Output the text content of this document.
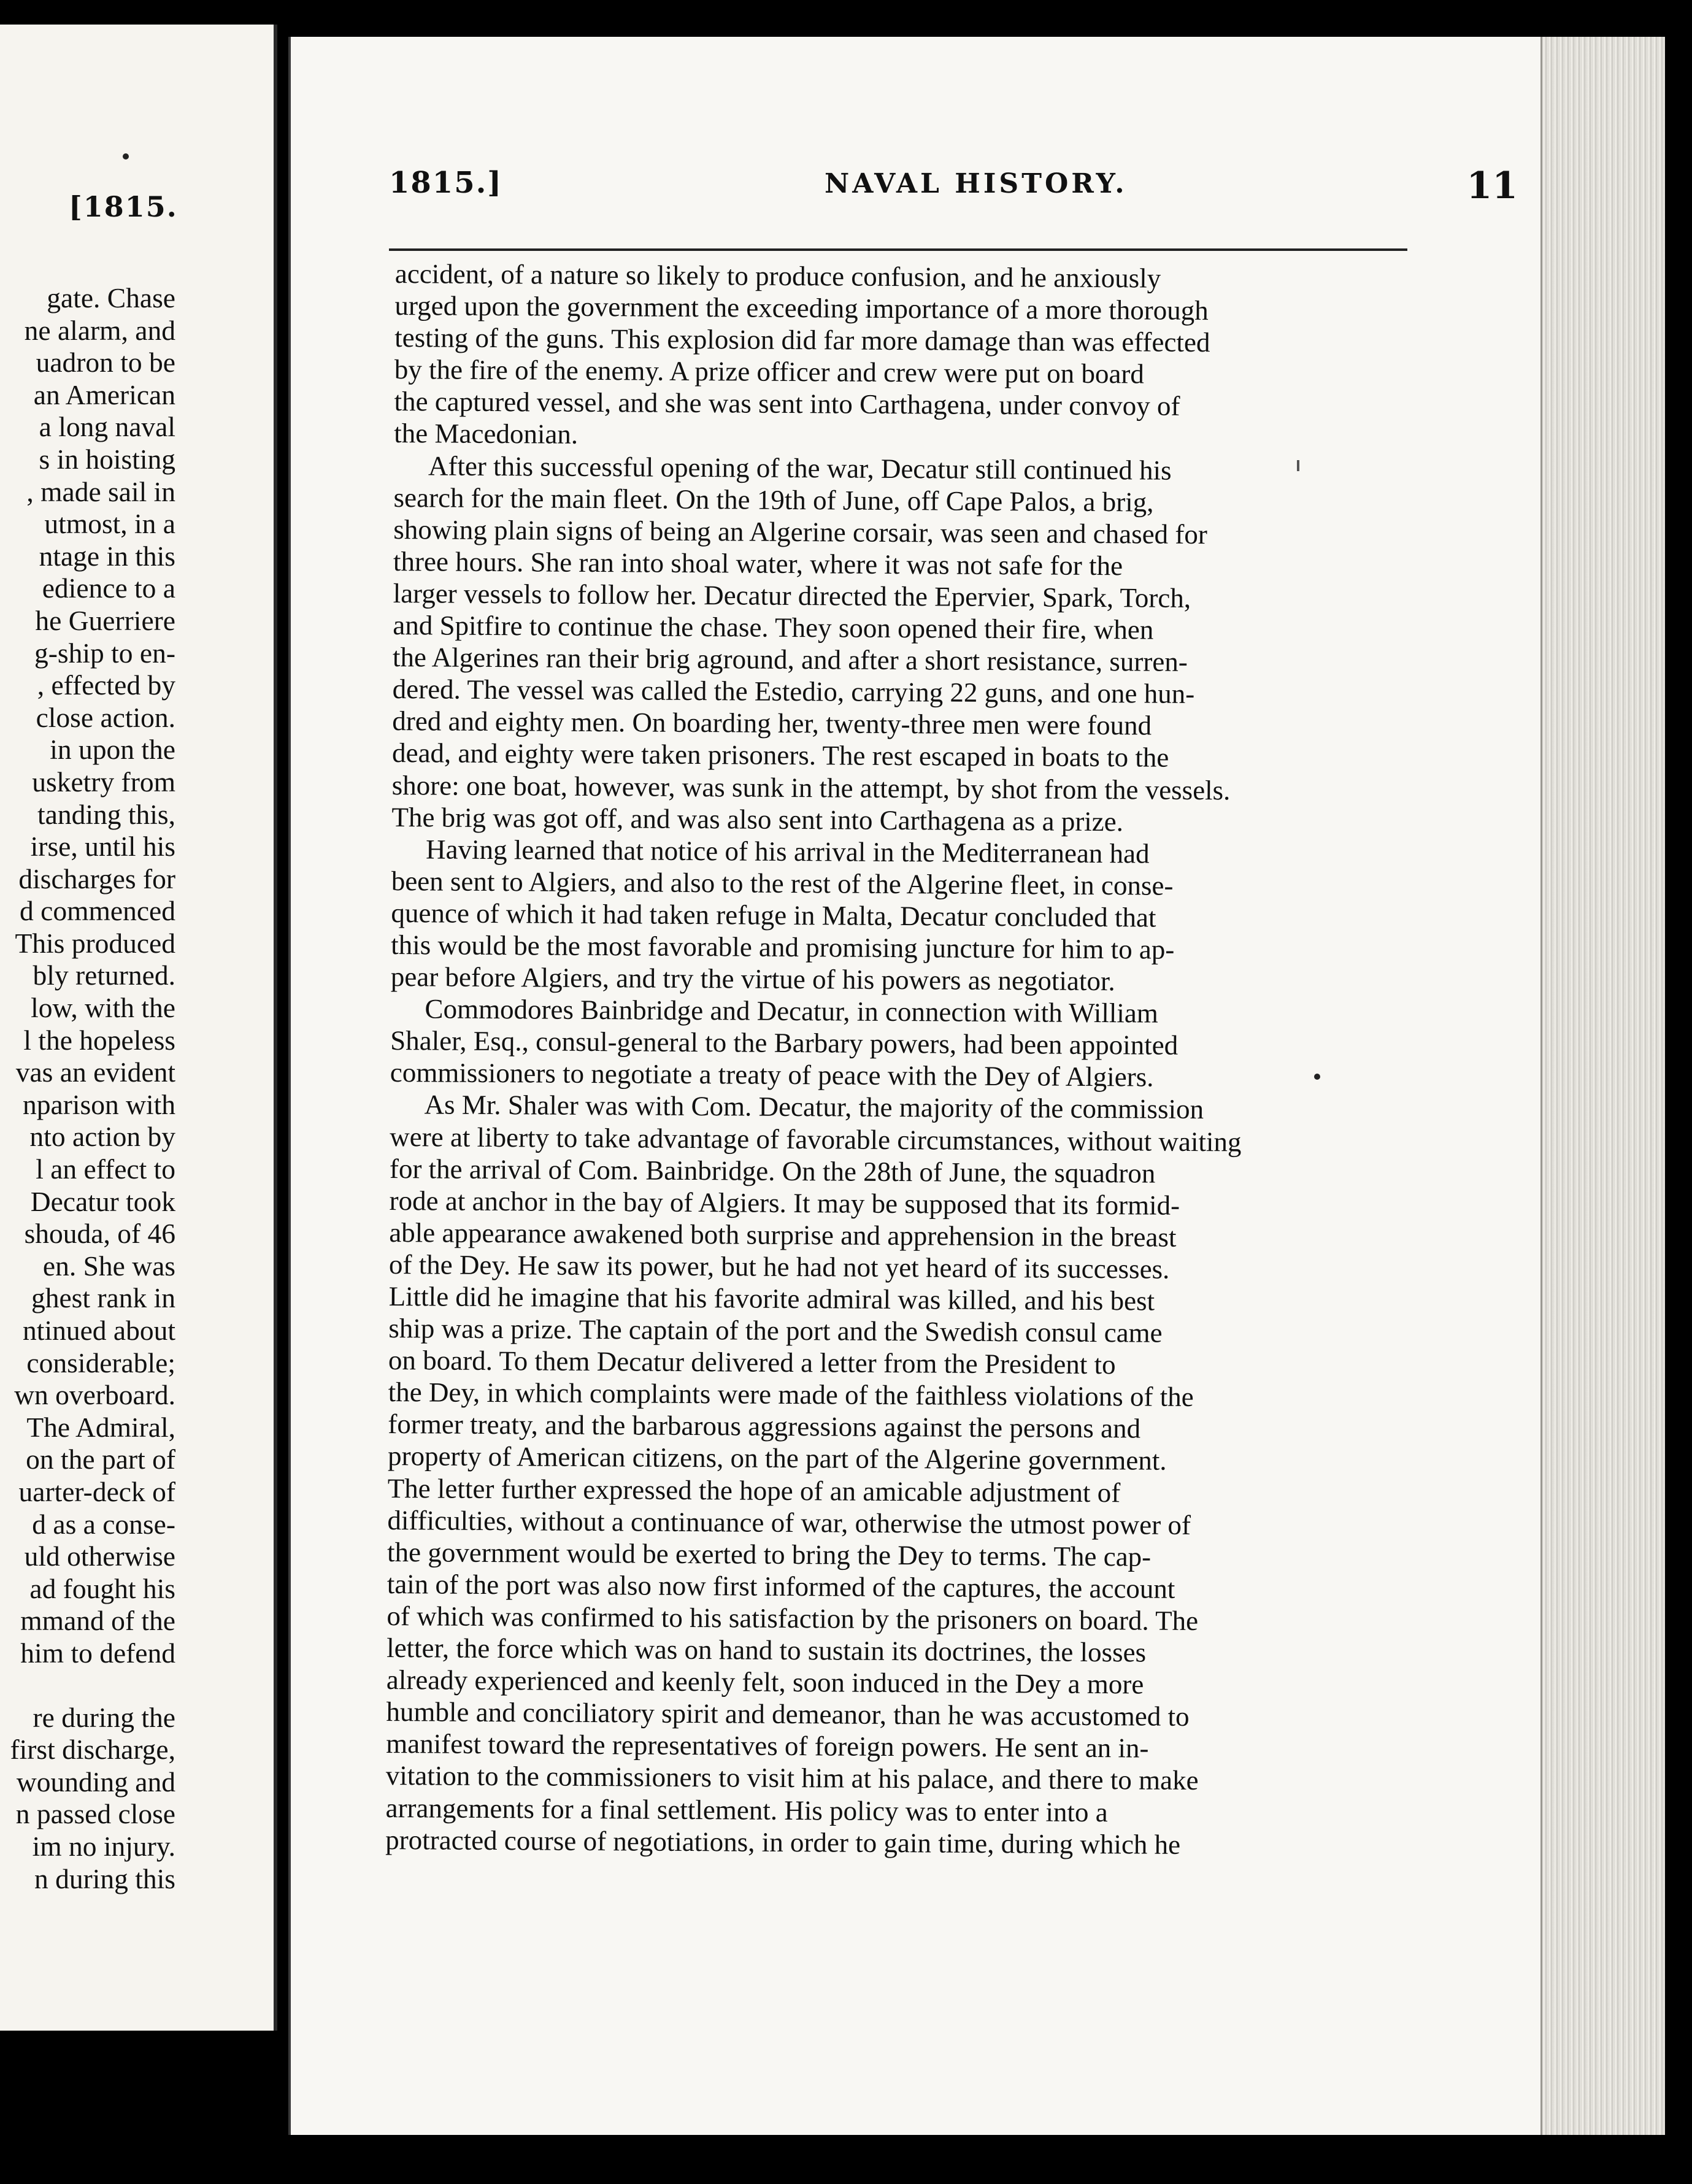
[1815.
gate. Chase
ne alarm, and
uadron to be
an American
a long naval
s in hoisting
, made sail in
utmost, in a
ntage in this
edience to a
he Guerriere
g-ship to en-
, effected by
close action.
in upon the
usketry from
tanding this,
irse, until his
discharges for
d commenced
This produced
bly returned.
low, with the
l the hopeless
vas an evident
nparison with
nto action by
l an effect to
Decatur took
shouda, of 46
en. She was
ghest rank in
ntinued about
considerable;
wn overboard.
The Admiral,
on the part of
uarter-deck of
d as a conse-
uld otherwise
ad fought his
mmand of the
him to defend
re during the
first discharge,
wounding and
n passed close
im no injury.
n during this
1815.]	NAVAL HISTORY.	11
accident, of a nature so likely to produce confusion, and he anxiously
urged upon the government the exceeding importance of a more thorough
testing of the guns. This explosion did far more damage than was effected
by the fire of the enemy. A prize officer and crew were put on board
the captured vessel, and she was sent into Carthagena, under convoy of
the Macedonian.
After this successful opening of the war, Decatur still continued his
search for the main fleet. On the 19th of June, off Cape Palos, a brig,
showing plain signs of being an Algerine corsair, was seen and chased for
three hours. She ran into shoal water, where it was not safe for the
larger vessels to follow her. Decatur directed the Epervier, Spark, Torch,
and Spitfire to continue the chase. They soon opened their fire, when
the Algerines ran their brig aground, and after a short resistance, surren-
dered. The vessel was called the Estedio, carrying 22 guns, and one hun-
dred and eighty men. On boarding her, twenty-three men were found
dead, and eighty were taken prisoners. The rest escaped in boats to the
shore: one boat, however, was sunk in the attempt, by shot from the vessels.
The brig was got off, and was also sent into Carthagena as a prize.
Having learned that notice of his arrival in the Mediterranean had
been sent to Algiers, and also to the rest of the Algerine fleet, in conse-
quence of which it had taken refuge in Malta, Decatur concluded that
this would be the most favorable and promising juncture for him to ap-
pear before Algiers, and try the virtue of his powers as negotiator.
Commodores Bainbridge and Decatur, in connection with William
Shaler, Esq., consul-general to the Barbary powers, had been appointed
commissioners to negotiate a treaty of peace with the Dey of Algiers.
As Mr. Shaler was with Com. Decatur, the majority of the commission
were at liberty to take advantage of favorable circumstances, without waiting
for the arrival of Com. Bainbridge. On the 28th of June, the squadron
rode at anchor in the bay of Algiers. It may be supposed that its formid-
able appearance awakened both surprise and apprehension in the breast
of the Dey. He saw its power, but he had not yet heard of its successes.
Little did he imagine that his favorite admiral was killed, and his best
ship was a prize. The captain of the port and the Swedish consul came
on board. To them Decatur delivered a letter from the President to
the Dey, in which complaints were made of the faithless violations of the
former treaty, and the barbarous aggressions against the persons and
property of American citizens, on the part of the Algerine government.
The letter further expressed the hope of an amicable adjustment of
difficulties, without a continuance of war, otherwise the utmost power of
the government would be exerted to bring the Dey to terms. The cap-
tain of the port was also now first informed of the captures, the account
of which was confirmed to his satisfaction by the prisoners on board. The
letter, the force which was on hand to sustain its doctrines, the losses
already experienced and keenly felt, soon induced in the Dey a more
humble and conciliatory spirit and demeanor, than he was accustomed to
manifest toward the representatives of foreign powers. He sent an in-
vitation to the commissioners to visit him at his palace, and there to make
arrangements for a final settlement. His policy was to enter into a
protracted course of negotiations, in order to gain time, during which he
